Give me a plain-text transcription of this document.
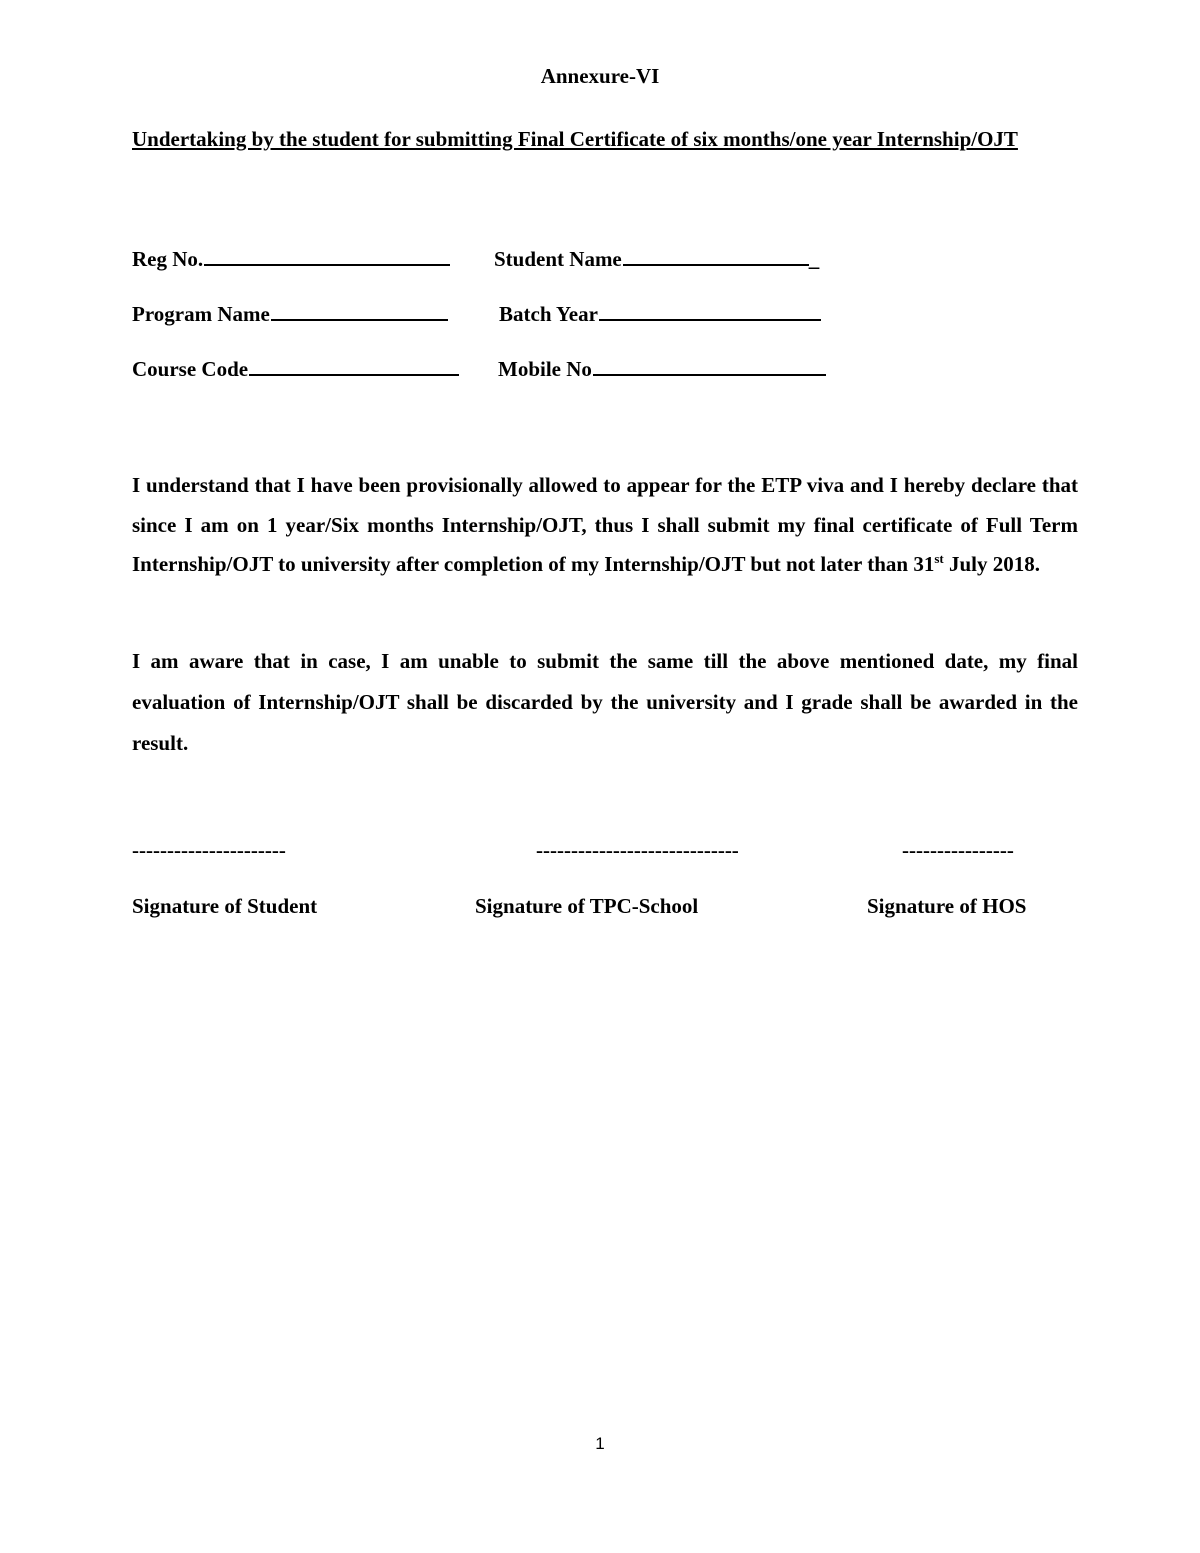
Annexure-VI
Undertaking by the student for submitting Final Certificate of six months/one year Internship/OJT
Reg No.	Student Name	_
Program Name	Batch Year
Course Code	Mobile No
I understand that I have been provisionally allowed to appear for the ETP viva and I hereby declare that since I am on 1 year/Six months Internship/OJT, thus I shall submit my final certificate of Full Term Internship/OJT to university after completion of my Internship/OJT but not later than 31st July 2018.
I am aware that in case, I am unable to submit the same till the above mentioned date, my final evaluation of Internship/OJT shall be discarded by the university and I grade shall be awarded in the result.
----------------------	-----------------------------	----------------
Signature of Student	Signature of TPC-School	Signature of HOS
1
